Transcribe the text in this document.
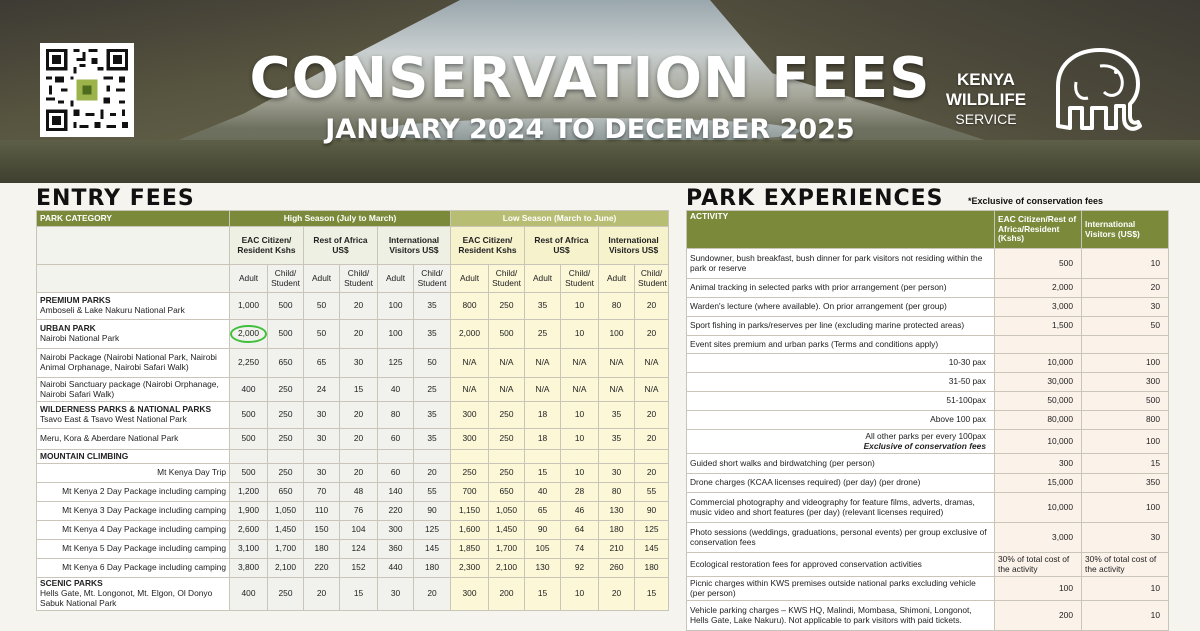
CONSERVATION FEES
JANUARY 2024 TO DECEMBER 2025
KENYA
WILDLIFE
SERVICE
ENTRY FEES
PARK CATEGORY	High Season (July to March)						Low Season (March to June)					
	EAC Citizen/ Resident Kshs		Rest of Africa US$		International Visitors US$		EAC Citizen/ Resident Kshs		Rest of Africa US$		International Visitors US$	
	Adult	Child/ Student	Adult	Child/ Student	Adult	Child/ Student	Adult	Child/ Student	Adult	Child/ Student	Adult	Child/ Student
PREMIUM PARKS
Amboseli & Lake Nakuru National Park	1,000	500	50	20	100	35	800	250	35	10	80	20
URBAN PARK
Nairobi National Park	2,000	500	50	20	100	35	2,000	500	25	10	100	20
Nairobi Package (Nairobi National Park, Nairobi Animal Orphanage, Nairobi Safari Walk)	2,250	650	65	30	125	50	N/A	N/A	N/A	N/A	N/A	N/A
Nairobi Sanctuary package (Nairobi Orphanage, Nairobi Safari Walk)	400	250	24	15	40	25	N/A	N/A	N/A	N/A	N/A	N/A
WILDERNESS PARKS & NATIONAL PARKS
Tsavo East & Tsavo West National Park	500	250	30	20	80	35	300	250	18	10	35	20
Meru, Kora & Aberdare National Park	500	250	30	20	60	35	300	250	18	10	35	20
MOUNTAIN CLIMBING												
Mt Kenya Day Trip	500	250	30	20	60	20	250	250	15	10	30	20
Mt Kenya 2 Day Package including camping	1,200	650	70	48	140	55	700	650	40	28	80	55
Mt Kenya 3 Day Package including camping	1,900	1,050	110	76	220	90	1,150	1,050	65	46	130	90
Mt Kenya 4 Day Package including camping	2,600	1,450	150	104	300	125	1,600	1,450	90	64	180	125
Mt Kenya 5 Day Package including camping	3,100	1,700	180	124	360	145	1,850	1,700	105	74	210	145
Mt Kenya 6 Day Package including camping	3,800	2,100	220	152	440	180	2,300	2,100	130	92	260	180
SCENIC PARKS
Hells Gate, Mt. Longonot, Mt. Elgon, Ol Donyo Sabuk National Park	400	250	20	15	30	20	300	200	15	10	20	15
PARK EXPERIENCES	*Exclusive of conservation fees
ACTIVITY	EAC Citizen/Rest of Africa/Resident (Kshs)	International Visitors (US$)
Sundowner, bush breakfast, bush dinner for park visitors not residing within the park or reserve	500	10
Animal tracking in selected parks with prior arrangement (per person)	2,000	20
Warden's lecture (where available). On prior arrangement (per group)	3,000	30
Sport fishing in parks/reserves per line (excluding marine protected areas)	1,500	50
Event sites premium and urban parks (Terms and conditions apply)		
10-30 pax	10,000	100
31-50 pax	30,000	300
51-100pax	50,000	500
Above 100 pax	80,000	800
All other parks per every 100pax
Exclusive of conservation fees	10,000	100
Guided short walks and birdwatching (per person)	300	15
Drone charges (KCAA licenses required) (per day) (per drone)	15,000	350
Commercial photography and videography for feature films, adverts, dramas, music video and short features (per day) (relevant licenses required)	10,000	100
Photo sessions (weddings, graduations, personal events) per group exclusive of conservation fees	3,000	30
Ecological restoration fees for approved conservation activities	30% of total cost of the activity	30% of total cost of the activity
Picnic charges within KWS premises outside national parks excluding vehicle (per person)	100	10
Vehicle parking charges – KWS HQ, Malindi, Mombasa, Shimoni, Longonot, Hells Gate, Lake Nakuru). Not applicable to park visitors with paid tickets.	200	10
